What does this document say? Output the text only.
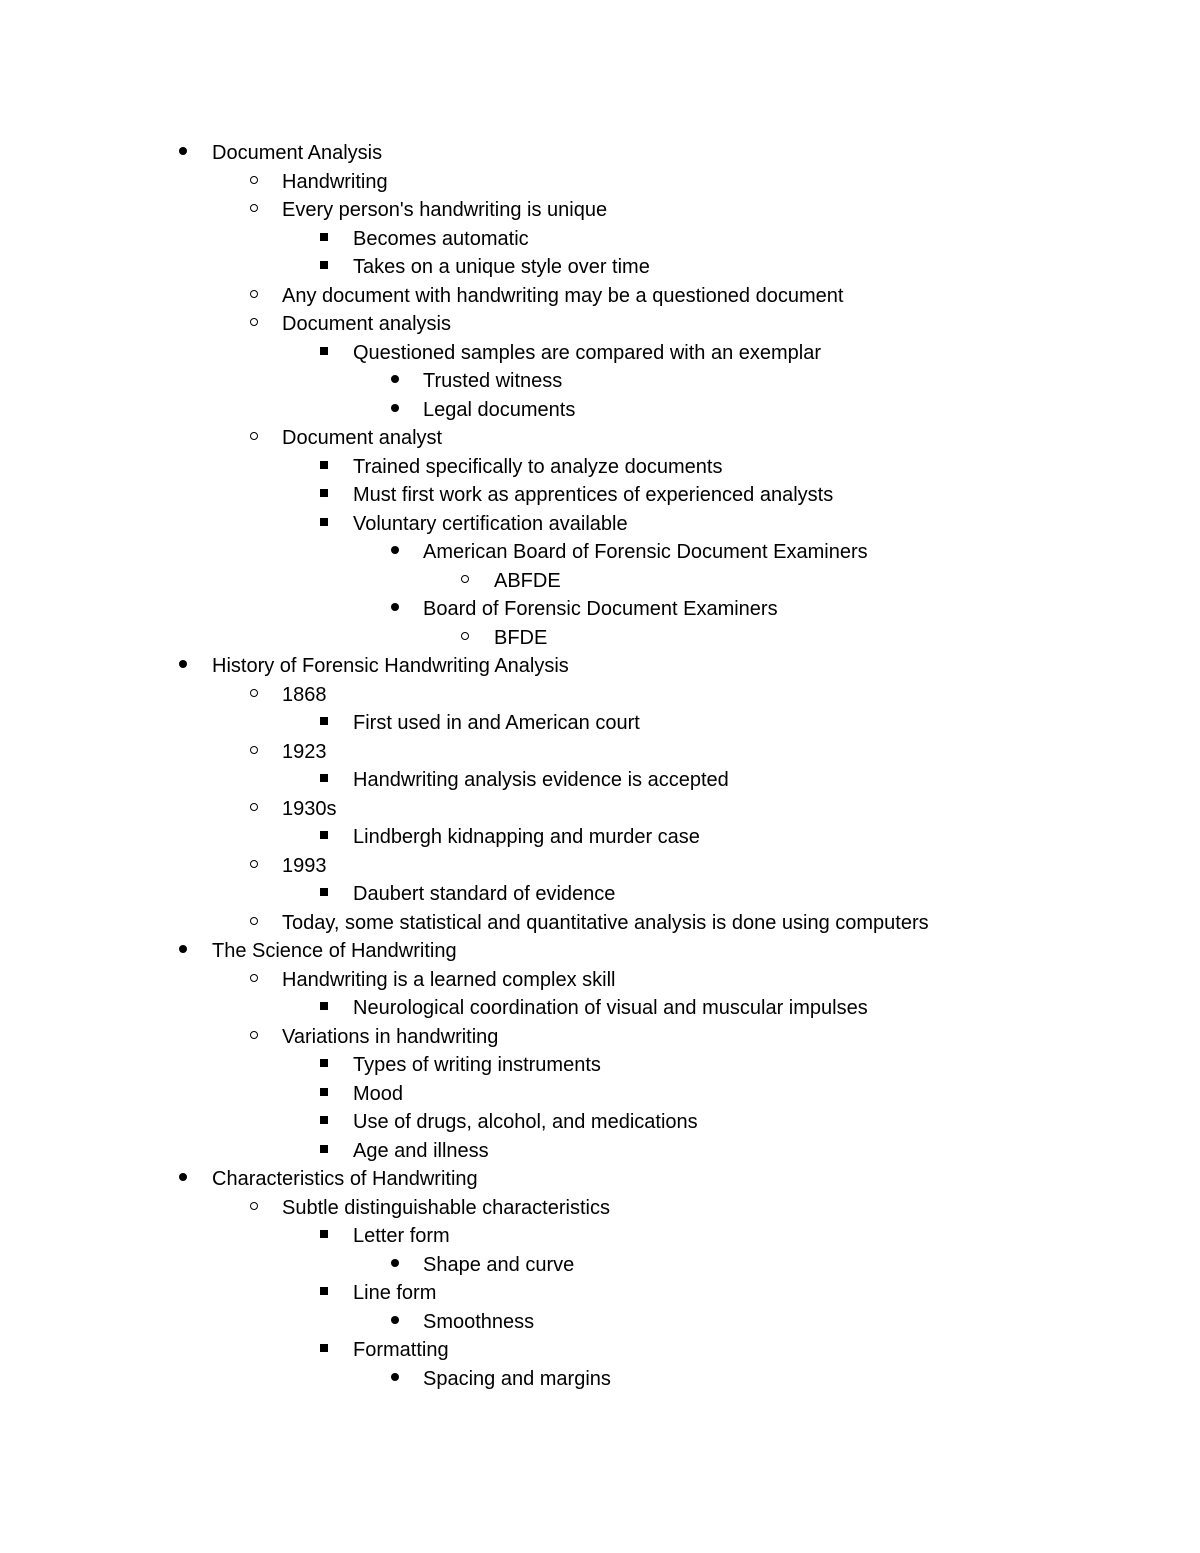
Document Analysis
Handwriting
Every person's handwriting is unique
Becomes automatic
Takes on a unique style over time
Any document with handwriting may be a questioned document
Document analysis
Questioned samples are compared with an exemplar
Trusted witness
Legal documents
Document analyst
Trained specifically to analyze documents
Must first work as apprentices of experienced analysts
Voluntary certification available
American Board of Forensic Document Examiners
ABFDE
Board of Forensic Document Examiners
BFDE
History of Forensic Handwriting Analysis
1868
First used in and American court
1923
Handwriting analysis evidence is accepted
1930s
Lindbergh kidnapping and murder case
1993
Daubert standard of evidence
Today, some statistical and quantitative analysis is done using computers
The Science of Handwriting
Handwriting is a learned complex skill
Neurological coordination of visual and muscular impulses
Variations in handwriting
Types of writing instruments
Mood
Use of drugs, alcohol, and medications
Age and illness
Characteristics of Handwriting
Subtle distinguishable characteristics
Letter form
Shape and curve
Line form
Smoothness
Formatting
Spacing and margins
